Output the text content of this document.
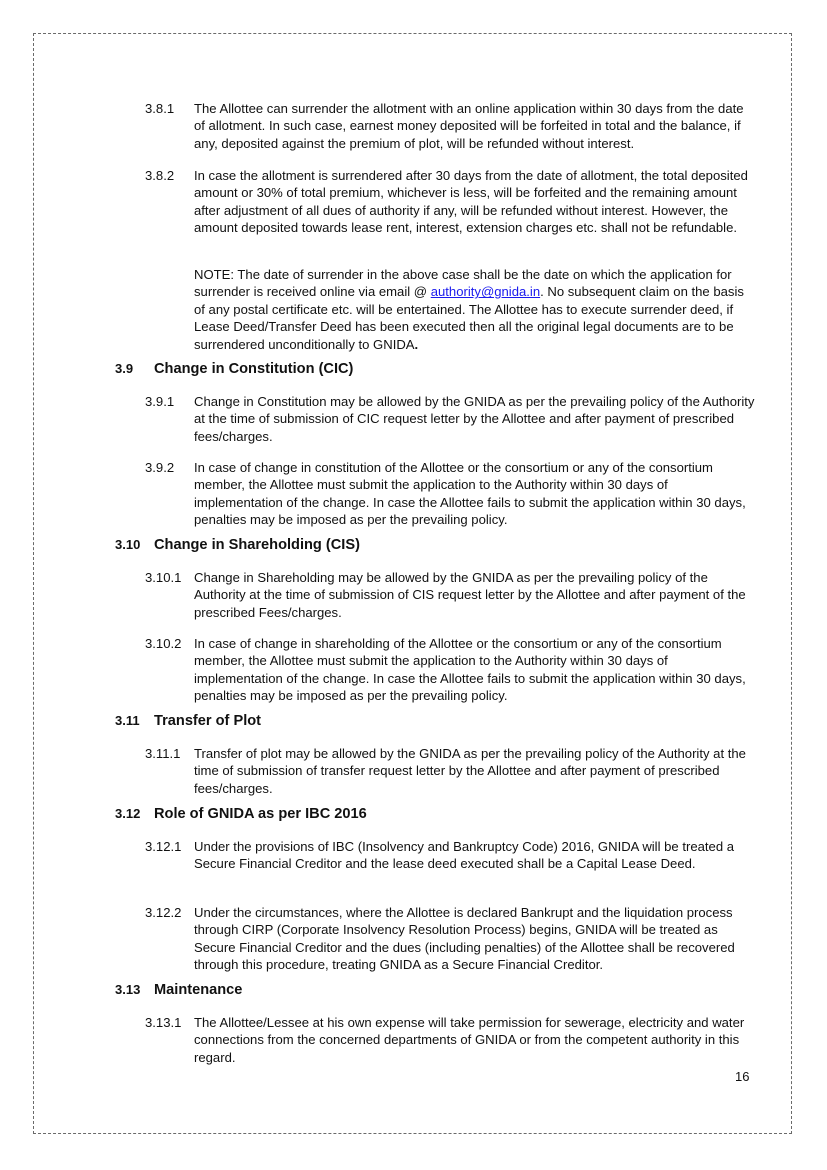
3.8.1 The Allottee can surrender the allotment with an online application within 30 days from the date of allotment. In such case, earnest money deposited will be forfeited in total and the balance, if any, deposited against the premium of plot, will be refunded without interest.
3.8.2 In case the allotment is surrendered after 30 days from the date of allotment, the total deposited amount or 30% of total premium, whichever is less, will be forfeited and the remaining amount after adjustment of all dues of authority if any, will be refunded without interest. However, the amount deposited towards lease rent, interest, extension charges etc. shall not be refundable.
NOTE: The date of surrender in the above case shall be the date on which the application for surrender is received online via email @ authority@gnida.in. No subsequent claim on the basis of any postal certificate etc. will be entertained. The Allottee has to execute surrender deed, if Lease Deed/Transfer Deed has been executed then all the original legal documents are to be surrendered unconditionally to GNIDA.
3.9 Change in Constitution (CIC)
3.9.1 Change in Constitution may be allowed by the GNIDA as per the prevailing policy of the Authority at the time of submission of CIC request letter by the Allottee and after payment of prescribed fees/charges.
3.9.2 In case of change in constitution of the Allottee or the consortium or any of the consortium member, the Allottee must submit the application to the Authority within 30 days of implementation of the change. In case the Allottee fails to submit the application within 30 days, penalties may be imposed as per the prevailing policy.
3.10 Change in Shareholding (CIS)
3.10.1 Change in Shareholding may be allowed by the GNIDA as per the prevailing policy of the Authority at the time of submission of CIS request letter by the Allottee and after payment of the prescribed Fees/charges.
3.10.2 In case of change in shareholding of the Allottee or the consortium or any of the consortium member, the Allottee must submit the application to the Authority within 30 days of implementation of the change. In case the Allottee fails to submit the application within 30 days, penalties may be imposed as per the prevailing policy.
3.11 Transfer of Plot
3.11.1 Transfer of plot may be allowed by the GNIDA as per the prevailing policy of the Authority at the time of submission of transfer request letter by the Allottee and after payment of prescribed fees/charges.
3.12 Role of GNIDA as per IBC 2016
3.12.1 Under the provisions of IBC (Insolvency and Bankruptcy Code) 2016, GNIDA will be treated a Secure Financial Creditor and the lease deed executed shall be a Capital Lease Deed.
3.12.2 Under the circumstances, where the Allottee is declared Bankrupt and the liquidation process through CIRP (Corporate Insolvency Resolution Process) begins, GNIDA will be treated as Secure Financial Creditor and the dues (including penalties) of the Allottee shall be recovered through this procedure, treating GNIDA as a Secure Financial Creditor.
3.13 Maintenance
3.13.1 The Allottee/Lessee at his own expense will take permission for sewerage, electricity and water connections from the concerned departments of GNIDA or from the competent authority in this regard.
16
